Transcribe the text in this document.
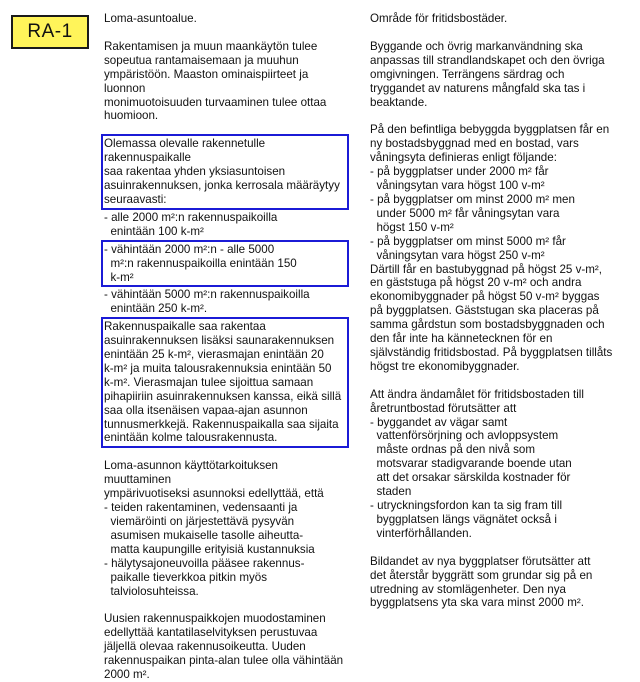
RA-1

Loma-asuntoalue.

Rakentamisen ja muun maankäytön tulee
sopeutua rantamaisemaan ja muuhun
ympäristöön. Maaston ominaispiirteet ja luonnon
monimuotoisuuden turvaaminen tulee ottaa
huomioon.

Olemassa olevalle rakennetulle rakennuspaikalle
saa rakentaa yhden yksiasuntoisen
asuinrakennuksen, jonka kerrosala määräytyy
seuraavasti:

- alle 2000 m²:n rakennuspaikoilla
enintään 100 k-m²

- vähintään 2000 m²:n - alle 5000
m²:n rakennuspaikoilla enintään 150
k-m²

- vähintään 5000 m²:n rakennuspaikoilla
enintään 250 k-m².

Rakennuspaikalle saa rakentaa
asuinrakennuksen lisäksi saunarakennuksen
enintään 25 k-m², vierasmajan enintään 20
k-m² ja muita talousrakennuksia enintään 50
k-m². Vierasmajan tulee sijoittua samaan
pihapiiriin asuinrakennuksen kanssa, eikä sillä
saa olla itsenäisen vapaa-ajan asunnon
tunnusmerkkejä. Rakennuspaikalla saa sijaita
enintään kolme talousrakennusta.

Loma-asunnon käyttötarkoituksen muuttaminen
ympärivuotiseksi asunnoksi edellyttää, että
- teiden rakentaminen, vedensaanti ja
viemäröinti on järjestettävä pysyvän
asumisen mukaiselle tasolle aiheutta-
matta kaupungille erityisiä kustannuksia
- hälytysajoneuvoilla pääsee rakennus-
paikalle tieverkkoa pitkin myös
talviolosuhteissa.

Uusien rakennuspaikkojen muodostaminen
edellyttää kantatilaselvityksen perustuvaa
jäljellä olevaa rakennusoikeutta. Uuden
rakennuspaikan pinta-alan tulee olla vähintään
2000 m².

Område för fritidsbostäder.

Byggande och övrig markanvändning ska
anpassas till strandlandskapet och den övriga
omgivningen. Terrängens särdrag och
tryggandet av naturens mångfald ska tas i
beaktande.

På den befintliga bebyggda byggplatsen får en
ny bostadsbyggnad med en bostad, vars
våningsyta definieras enligt följande:
- på byggplatser under 2000 m² får
våningsytan vara högst 100 v-m²
- på byggplatser om minst 2000 m² men
under 5000 m² får våningsytan vara
högst 150 v-m²
- på byggplatser om minst 5000 m² får
våningsytan vara högst 250 v-m²
Därtill får en bastubyggnad på högst 25 v-m²,
en gäststuga på högst 20 v-m² och andra
ekonomibyggnader på högst 50 v-m² byggas
på byggplatsen. Gäststugan ska placeras på
samma gårdstun som bostadsbyggnaden och
den får inte ha kännetecknen för en
självständig fritidsbostad. På byggplatsen tillåts
högst tre ekonomibyggnader.

Att ändra ändamålet för fritidsbostaden till
åretruntbostad förutsätter att
- byggandet av vägar samt
vattenförsörjning och avloppsystem
måste ordnas på den nivå som
motsvarar stadigvarande boende utan
att det orsakar särskilda kostnader för
staden
- utryckningsfordon kan ta sig fram till
byggplatsen längs vägnätet också i
vinterförhållanden.

Bildandet av nya byggplatser förutsätter att
det återstår byggrätt som grundar sig på en
utredning av stomlägenheter. Den nya
byggplatsens yta ska vara minst 2000 m².
